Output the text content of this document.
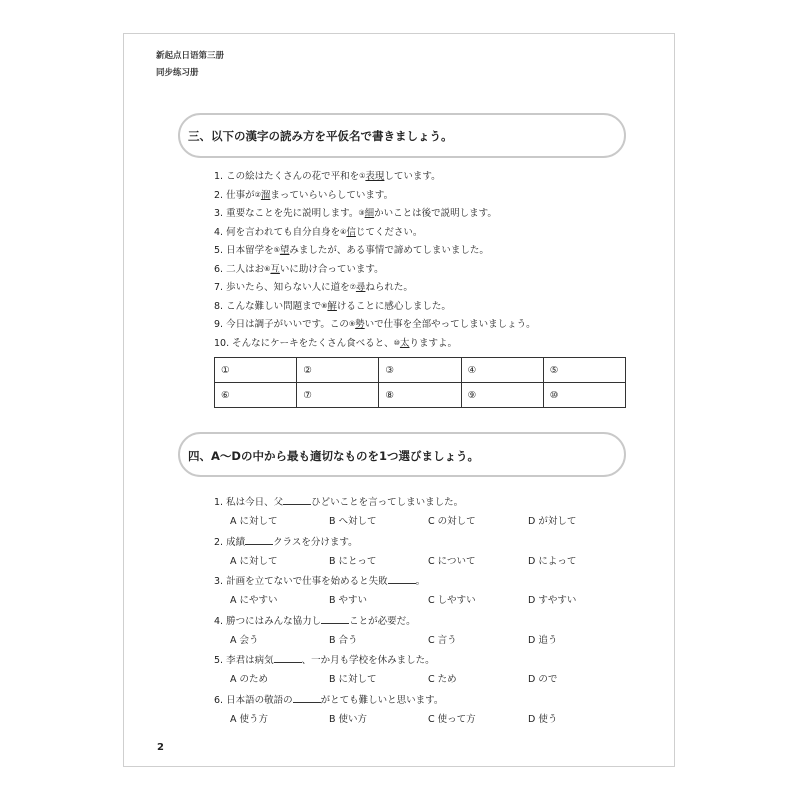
新起点日语第三册
同步练习册
三、以下の漢字の読み方を平仮名で書きましょう。
1. この絵はたくさんの花で平和を①表現しています。
2. 仕事が②溜まっていらいらしています。
3. 重要なことを先に説明します。③細かいことは後で説明します。
4. 何を言われても自分自身を④信じてください。
5. 日本留学を⑤望みましたが、ある事情で諦めてしまいました。
6. 二人はお⑥互いに助け合っています。
7. 歩いたら、知らない人に道を⑦尋ねられた。
8. こんな難しい問題まで⑧解けることに感心しました。
9. 今日は調子がいいです。この⑨勢いで仕事を全部やってしまいましょう。
10. そんなにケーキをたくさん食べると、⑩太りますよ。
①	②	③	④	⑤
⑥	⑦	⑧	⑨	⑩
四、A～Dの中から最も適切なものを1つ選びましょう。
1. 私は今日、父	ひどいことを言ってしまいました。
A に対して	B へ対して	C の対して	D が対して
2. 成績	クラスを分けます。
A に対して	B にとって	C について	D によって
3. 計画を立てないで仕事を始めると失敗	。
A にやすい	B やすい	C しやすい	D すやすい
4. 勝つにはみんな協力し	ことが必要だ。
A 会う	B 合う	C 言う	D 追う
5. 李君は病気	、一か月も学校を休みました。
A のため	B に対して	C ため	D ので
6. 日本語の敬語の	がとても難しいと思います。
A 使う方	B 使い方	C 使って方	D 使う
2
